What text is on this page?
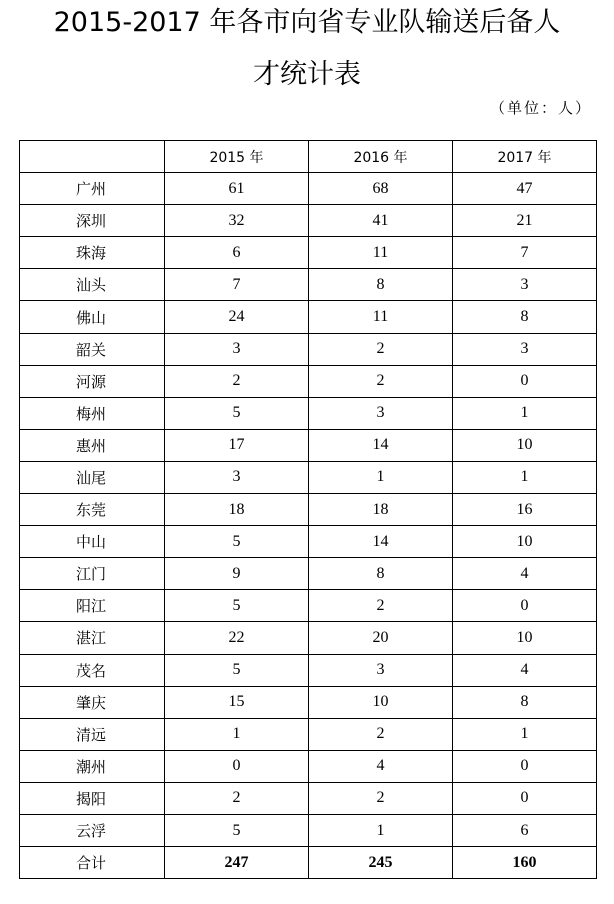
2015-2017 年各市向省专业队输送后备人
才统计表
（单位：人）
	2015 年	2016 年	2017 年
广州	61	68	47
深圳	32	41	21
珠海	6	11	7
汕头	7	8	3
佛山	24	11	8
韶关	3	2	3
河源	2	2	0
梅州	5	3	1
惠州	17	14	10
汕尾	3	1	1
东莞	18	18	16
中山	5	14	10
江门	9	8	4
阳江	5	2	0
湛江	22	20	10
茂名	5	3	4
肇庆	15	10	8
清远	1	2	1
潮州	0	4	0
揭阳	2	2	0
云浮	5	1	6
合计	247	245	160
